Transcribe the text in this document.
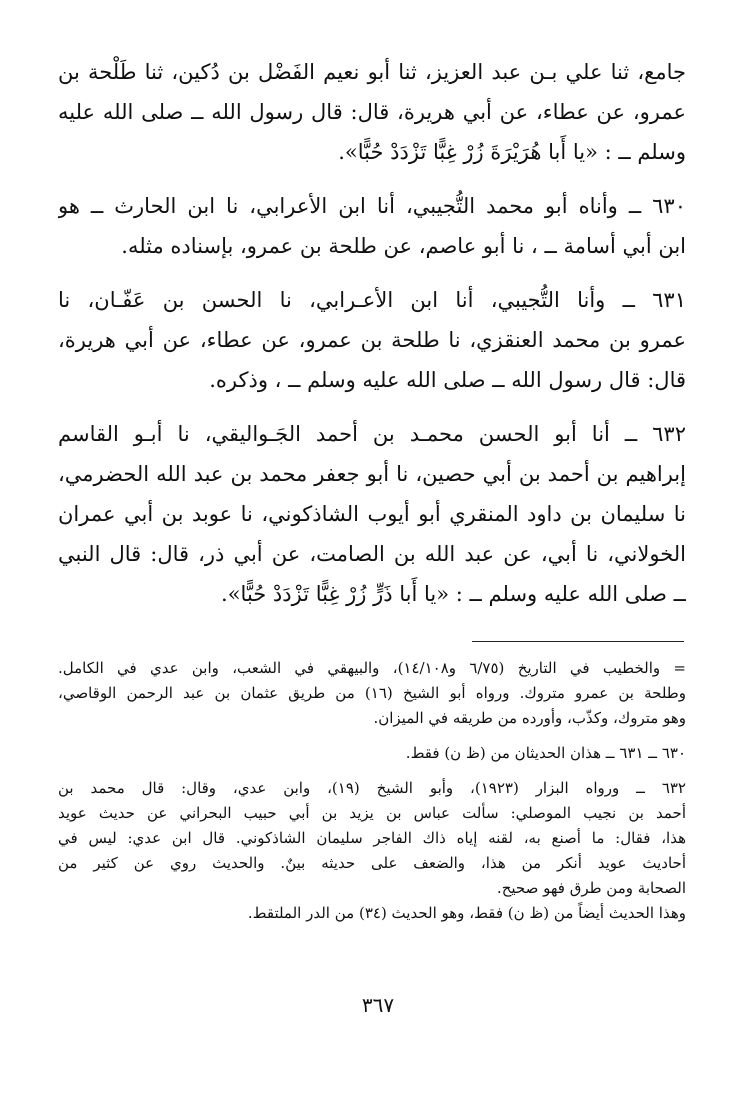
جامع، ثنا علي بـن عبد العزيز، ثنا أبو نعيم الفَضْل بن دُكين، ثنا طَلْحة بن
عمرو، عن عطاء، عن أبي هريرة، قال: قال رسول الله ــ صلى الله عليه
وسلم ــ : «يا أَبا هُرَيْرَةَ زُرْ غِبًّا تَزْدَدْ حُبًّا».
٦٣٠ ــ وأناه أبو محمد التُّجيبي، أنا ابن الأعرابي، نا ابن الحارث ــ هو
ابن أبي أسامة ــ ، نا أبو عاصم، عن طلحة بن عمرو، بإسناده مثله.
٦٣١ ــ وأنا التُّجيبي، أنا ابن الأعـرابي، نا الحسن بن عَفّـان، نا
عمرو بن محمد العنقزي، نا طلحة بن عمرو، عن عطاء، عن أبي هريرة،
قال: قال رسول الله ــ صلى الله عليه وسلم ــ ، وذكره.
٦٣٢ ــ أنا أبو الحسن محمـد بن أحمد الجَـواليقي، نا أبـو القاسم
إبراهيم بن أحمد بن أبي حصين، نا أبو جعفر محمد بن عبد الله الحضرمي،
نا سليمان بن داود المنقري أبو أيوب الشاذكوني، نا عوبد بن أبي عمران
الخولاني، نا أبي، عن عبد الله بن الصامت، عن أبي ذر، قال: قال النبي
ــ صلى الله عليه وسلم ــ : «يا أَبا ذَرٍّ زُرْ غِبًّا تَزْدَدْ حُبًّا».
= والخطيب في التاريخ (٦/٧٥ و١٤/١٠٨)، والبيهقي في الشعب، وابن عدي في الكامل.
وطلحة بن عمرو متروك. ورواه أبو الشيخ (١٦) من طريق عثمان بن عبد الرحمن الوقاصي،
وهو متروك، وكذّب، وأورده من طريقه في الميزان.
٦٣٠ ــ ٦٣١ ــ هذان الحديثان من (ظ ن) فقط.
٦٣٢ ــ ورواه البزار (١٩٢٣)، وأبو الشيخ (١٩)، وابن عدي، وقال: قال محمد بن
أحمد بن نجيب الموصلي: سألت عباس بن يزيد بن أبي حبيب البحراني عن حديث عويد
هذا، فقال: ما أصنع به، لقنه إياه ذاك الفاجر سليمان الشاذكوني. قال ابن عدي: ليس في
أحاديث عويد أنكر من هذا، والضعف على حديثه بينٌ. والحديث روي عن كثير من
الصحابة ومن طرق فهو صحيح.
وهذا الحديث أيضاً من (ظ ن) فقط، وهو الحديث (٣٤) من الدر الملتقط.
٣٦٧
